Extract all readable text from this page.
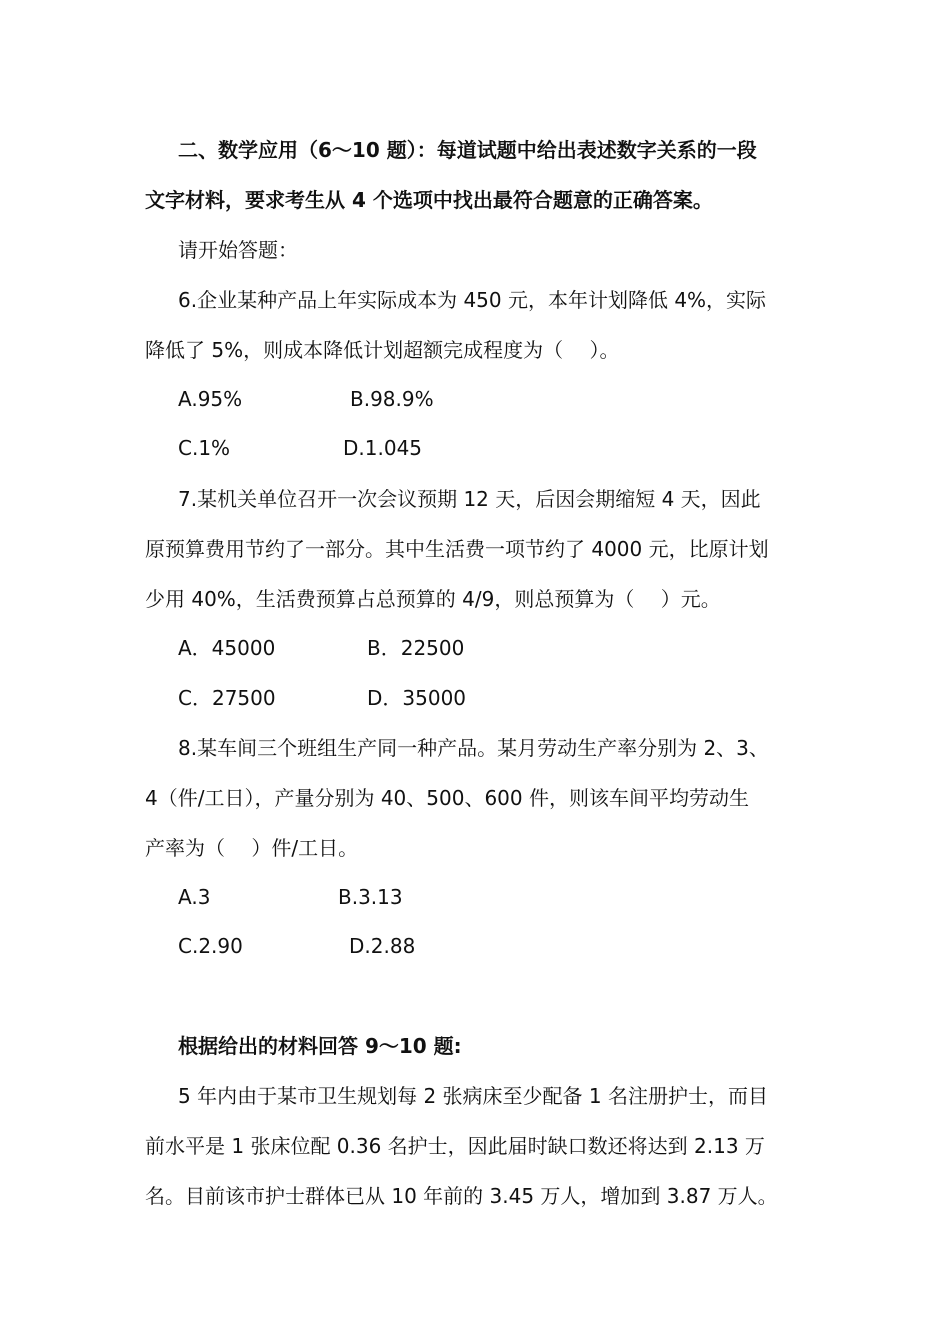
二、数学应用（6～10 题）：每道试题中给出表述数字关系的一段
文字材料，要求考生从 4 个选项中找出最符合题意的正确答案。
请开始答题：
6.企业某种产品上年实际成本为 450 元，本年计划降低 4%，实际
降低了 5%，则成本降低计划超额完成程度为（　 ）。
A.95%	B.98.9%
C.1%	D.1.045
7.某机关单位召开一次会议预期 12 天，后因会期缩短 4 天，因此
原预算费用节约了一部分。其中生活费一项节约了 4000 元，比原计划
少用 40%，生活费预算占总预算的 4/9，则总预算为（　 ）元。
A．45000	B．22500
C．27500	D．35000
8.某车间三个班组生产同一种产品。某月劳动生产率分别为 2、3、
4（件/工日），产量分别为 40、500、600 件，则该车间平均劳动生
产率为（　 ）件/工日。
A.3	B.3.13
C.2.90	D.2.88
根据给出的材料回答 9～10 题:
5 年内由于某市卫生规划每 2 张病床至少配备 1 名注册护士，而目
前水平是 1 张床位配 0.36 名护士，因此届时缺口数还将达到 2.13 万
名。目前该市护士群体已从 10 年前的 3.45 万人，增加到 3.87 万人。
